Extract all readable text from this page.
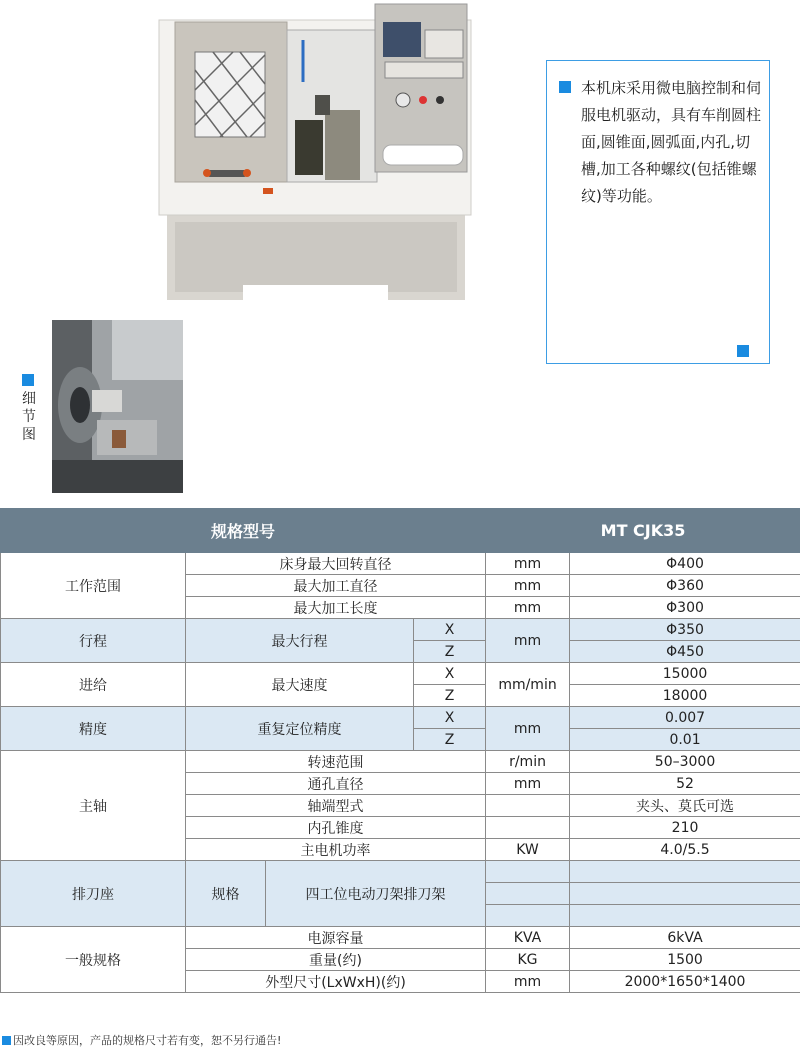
本机床采用微电脑控制和伺服电机驱动，具有车削圆柱面,圆锥面,圆弧面,内孔,切槽,加工各种螺纹(包括锥螺纹)等功能。
细节图
规格型号				MT CJK35	
工作范围	床身最大回转直径			mm	Φ400
	最大加工直径			mm	Φ360
	最大加工长度			mm	Φ300
行程	最大行程		X	mm	Φ350
			Z		Φ450
进给	最大速度		X	mm/min	15000
			Z		18000
精度	重复定位精度		X	mm	0.007
			Z		0.01
主轴	转速范围			r/min	50–3000
	通孔直径			mm	52
	轴端型式				夹头、莫氏可选
	内孔锥度				210
	主电机功率			KW	4.0/5.5
排刀座	规格	四工位电动刀架排刀架			

一般规格	电源容量			KVA	6kVA
	重量(约)			KG	1500
	外型尺寸(LxWxH)(约)			mm	2000*1650*1400
因改良等原因，产品的规格尺寸若有变，恕不另行通告!
